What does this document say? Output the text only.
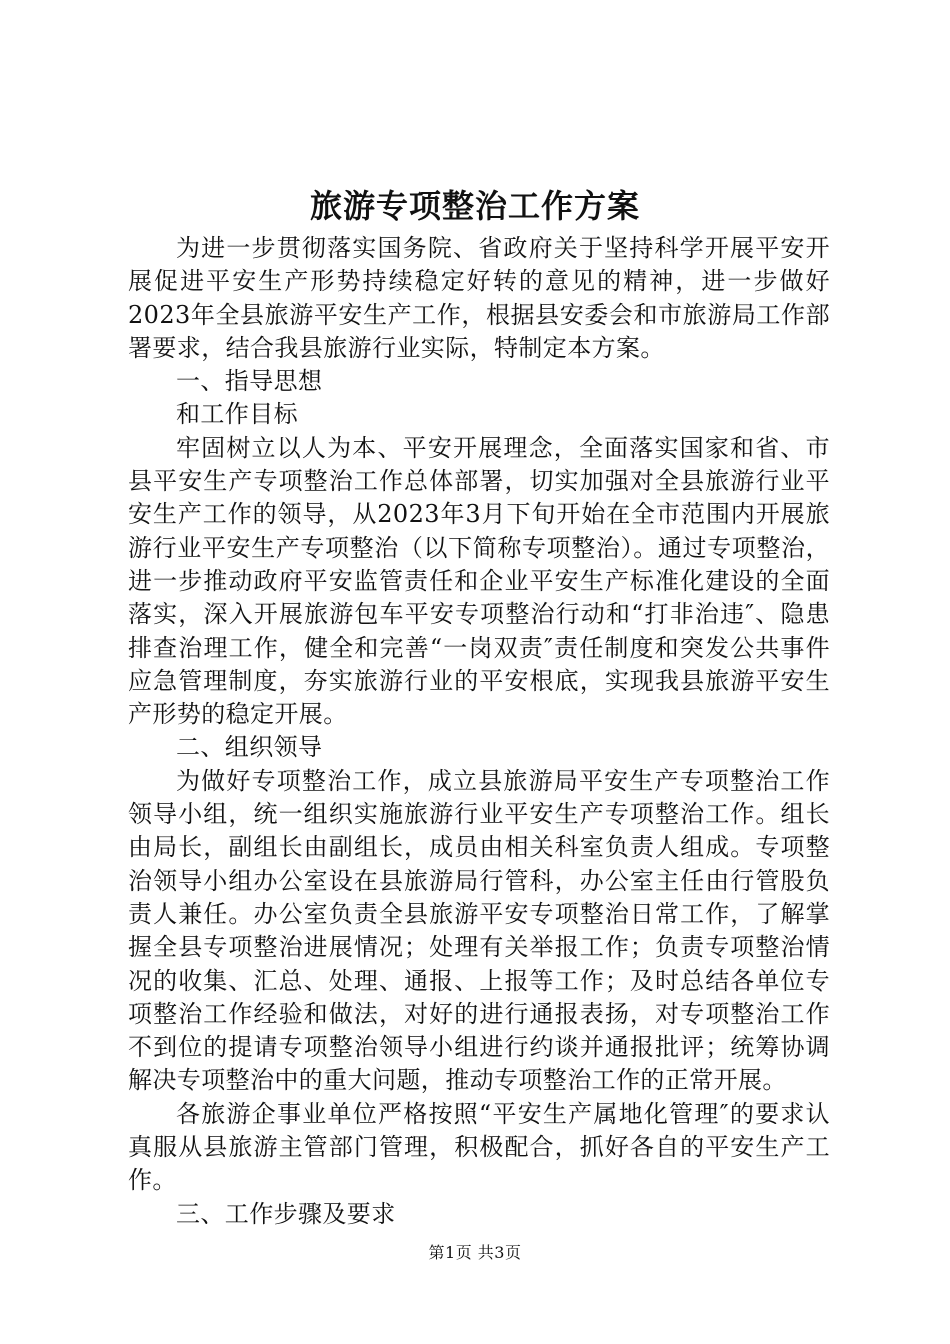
旅游专项整治工作方案

为进一步贯彻落实国务院、省政府关于坚持科学开展平安开展促进平安生产形势持续稳定好转的意见的精神，进一步做好2023年全县旅游平安生产工作，根据县安委会和市旅游局工作部署要求，结合我县旅游行业实际，特制定本方案。

一、指导思想

和工作目标

牢固树立以人为本、平安开展理念，全面落实国家和省、市县平安生产专项整治工作总体部署，切实加强对全县旅游行业平安生产工作的领导，从2023年3月下旬开始在全市范围内开展旅游行业平安生产专项整治（以下简称专项整治）。通过专项整治，进一步推动政府平安监管责任和企业平安生产标准化建设的全面落实，深入开展旅游包车平安专项整治行动和“打非治违″、隐患排查治理工作，健全和完善“一岗双责″责任制度和突发公共事件应急管理制度，夯实旅游行业的平安根底，实现我县旅游平安生产形势的稳定开展。

二、组织领导

为做好专项整治工作，成立县旅游局平安生产专项整治工作领导小组，统一组织实施旅游行业平安生产专项整治工作。组长由局长，副组长由副组长，成员由相关科室负责人组成。专项整治领导小组办公室设在县旅游局行管科，办公室主任由行管股负责人兼任。办公室负责全县旅游平安专项整治日常工作，了解掌握全县专项整治进展情况；处理有关举报工作；负责专项整治情况的收集、汇总、处理、通报、上报等工作；及时总结各单位专项整治工作经验和做法，对好的进行通报表扬，对专项整治工作不到位的提请专项整治领导小组进行约谈并通报批评；统筹协调解决专项整治中的重大问题，推动专项整治工作的正常开展。

各旅游企事业单位严格按照“平安生产属地化管理″的要求认真服从县旅游主管部门管理，积极配合，抓好各自的平安生产工作。

三、工作步骤及要求

第1页 共3页
